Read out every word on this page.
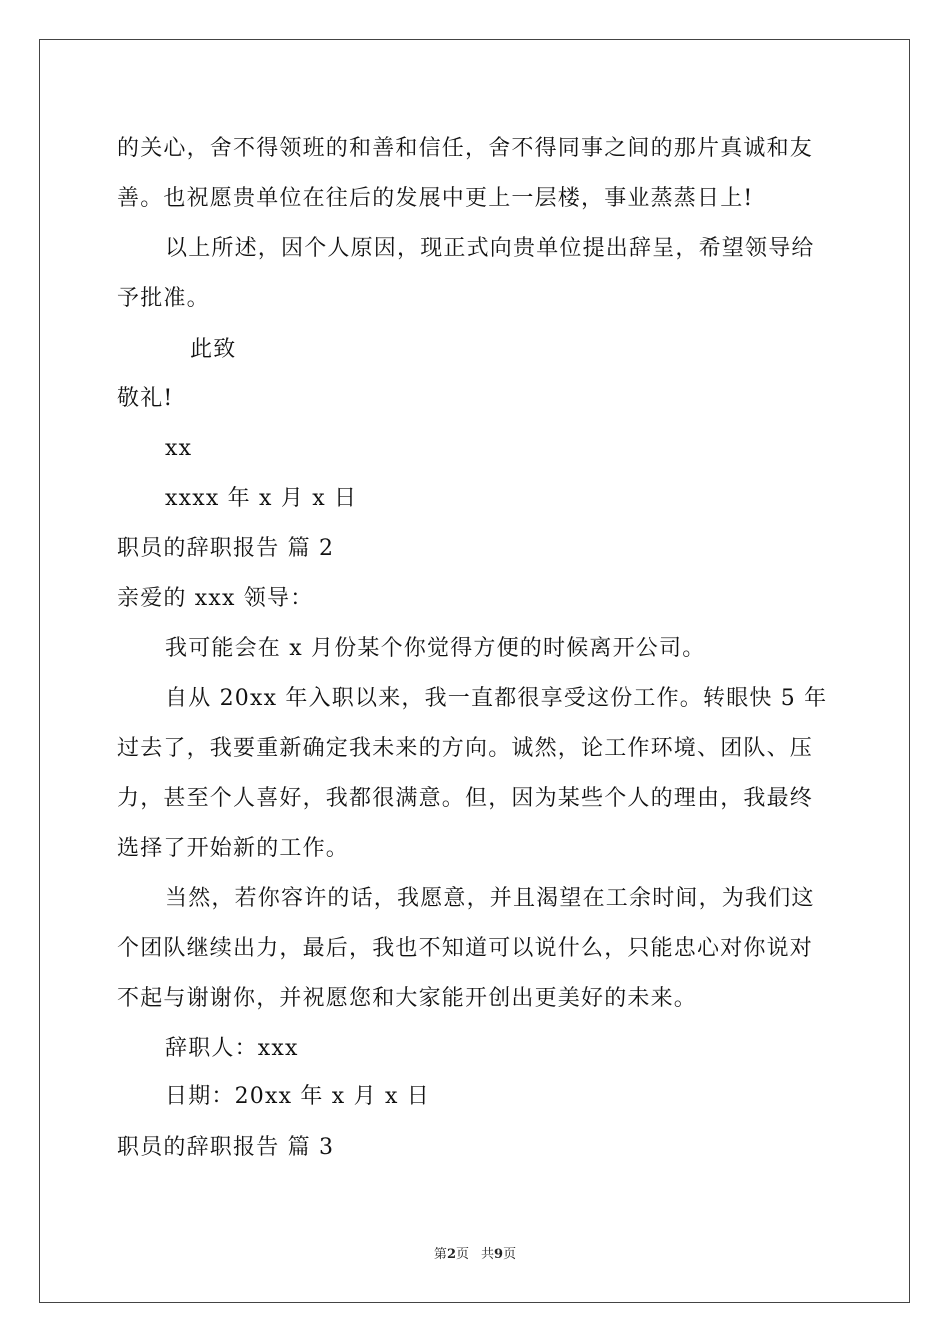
的关心，舍不得领班的和善和信任，舍不得同事之间的那片真诚和友
善。也祝愿贵单位在往后的发展中更上一层楼，事业蒸蒸日上!
以上所述，因个人原因，现正式向贵单位提出辞呈，希望领导给
予批准。
此致
敬礼!
xx
xxxx 年 x 月 x 日
职员的辞职报告 篇 2
亲爱的 xxx 领导：
我可能会在 x 月份某个你觉得方便的时候离开公司。
自从 20xx 年入职以来，我一直都很享受这份工作。转眼快 5 年
过去了，我要重新确定我未来的方向。诚然，论工作环境、团队、压
力，甚至个人喜好，我都很满意。但，因为某些个人的理由，我最终
选择了开始新的工作。
当然，若你容许的话，我愿意，并且渴望在工余时间，为我们这
个团队继续出力，最后，我也不知道可以说什么，只能忠心对你说对
不起与谢谢你，并祝愿您和大家能开创出更美好的未来。
辞职人：xxx
日期：20xx 年 x 月 x 日
职员的辞职报告 篇 3
第2页 共9页
